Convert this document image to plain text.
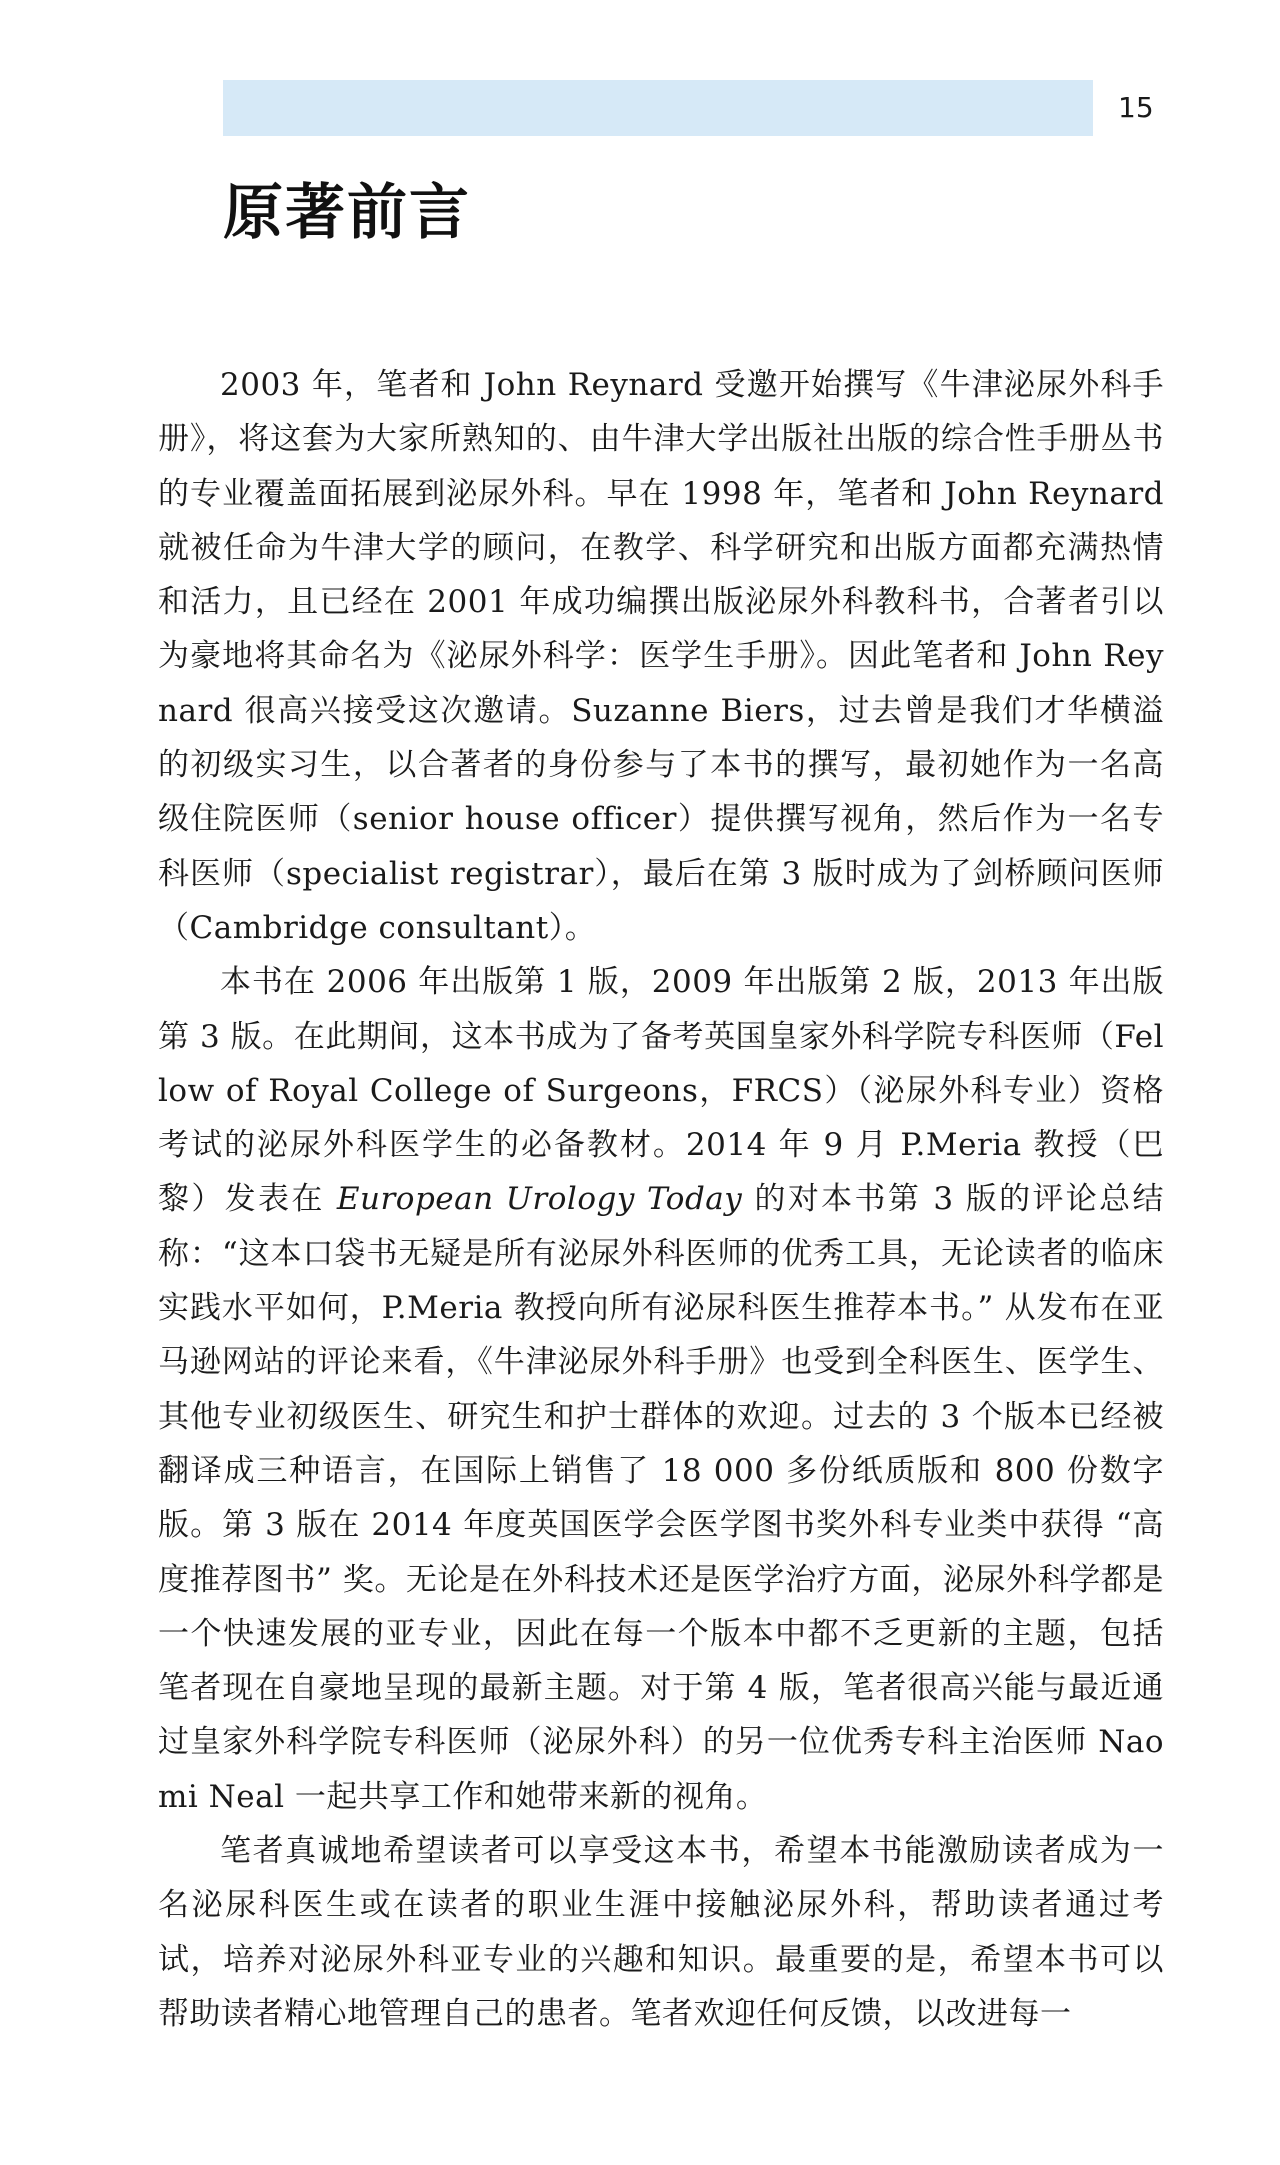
15
原著前言

2003 年，笔者和 John Reynard 受邀开始撰写《牛津泌尿外科手册》，将这套为大家所熟知的、由牛津大学出版社出版的综合性手册丛书的专业覆盖面拓展到泌尿外科。早在 1998 年，笔者和 John Reynard 就被任命为牛津大学的顾问，在教学、科学研究和出版方面都充满热情和活力，且已经在 2001 年成功编撰出版泌尿外科教科书，合著者引以为豪地将其命名为《泌尿外科学：医学生手册》。因此笔者和 John Reynard 很高兴接受这次邀请。Suzanne Biers，过去曾是我们才华横溢的初级实习生，以合著者的身份参与了本书的撰写，最初她作为一名高级住院医师（senior house officer）提供撰写视角，然后作为一名专科医师（specialist registrar），最后在第 3 版时成为了剑桥顾问医师（Cambridge consultant）。

本书在 2006 年出版第 1 版，2009 年出版第 2 版，2013 年出版第 3 版。在此期间，这本书成为了备考英国皇家外科学院专科医师（Fellow of Royal College of Surgeons，FRCS）（泌尿外科专业）资格考试的泌尿外科医学生的必备教材。2014 年 9 月 P.Meria 教授（巴黎）发表在 European Urology Today 的对本书第 3 版的评论总结称：“这本口袋书无疑是所有泌尿外科医师的优秀工具，无论读者的临床实践水平如何，P.Meria 教授向所有泌尿科医生推荐本书。” 从发布在亚马逊网站的评论来看，《牛津泌尿外科手册》也受到全科医生、医学生、其他专业初级医生、研究生和护士群体的欢迎。过去的 3 个版本已经被翻译成三种语言，在国际上销售了 18 000 多份纸质版和 800 份数字版。第 3 版在 2014 年度英国医学会医学图书奖外科专业类中获得 “高度推荐图书” 奖。无论是在外科技术还是医学治疗方面，泌尿外科学都是一个快速发展的亚专业，因此在每一个版本中都不乏更新的主题，包括笔者现在自豪地呈现的最新主题。对于第 4 版，笔者很高兴能与最近通过皇家外科学院专科医师（泌尿外科）的另一位优秀专科主治医师 Naomi Neal 一起共享工作和她带来新的视角。

笔者真诚地希望读者可以享受这本书，希望本书能激励读者成为一名泌尿科医生或在读者的职业生涯中接触泌尿外科，帮助读者通过考试，培养对泌尿外科亚专业的兴趣和知识。最重要的是，希望本书可以帮助读者精心地管理自己的患者。笔者欢迎任何反馈，以改进每一
